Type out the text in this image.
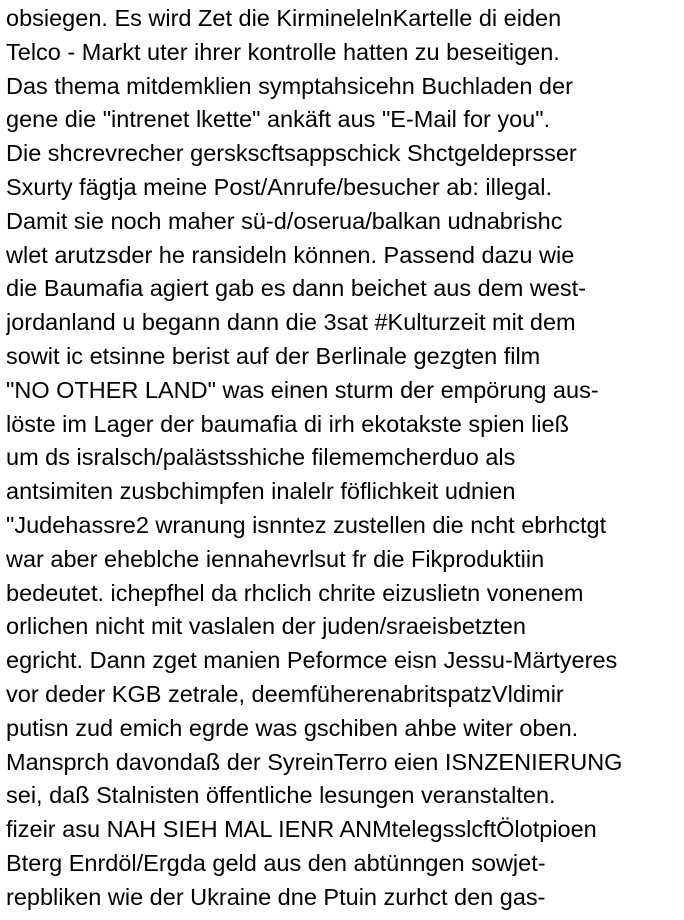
obsiegen. Es wird Zet die KirminelelnKartelle di eiden
Telco - Markt uter ihrer kontrolle hatten zu beseitigen.
Das thema mitdemklien symptahsicehn Buchladen der
gene die "intrenet lkette" ankäft aus "E-Mail for you".
Die shcrevrecher gerskscftsappschick Shctgeldeprsser
Sxurty fägtja meine Post/Anrufe/besucher ab: illegal.
Damit sie noch maher sü-d/oserua/balkan udnabrishc
wlet arutzsder he ransideln können. Passend dazu wie
die Baumafia agiert gab es dann beichet aus dem west-
jordanland u begann dann die 3sat #Kulturzeit mit dem
sowit ic etsinne berist auf der Berlinale gezgten film
"NO OTHER LAND" was einen sturm der empörung aus-
löste im Lager der baumafia di irh ekotakste spien ließ
um ds isralsch/palästsshiche filememcherduo als
antsimiten zusbchimpfen inalelr föflichkeit udnien
"Judehassre2 wranung isnntez zustellen die ncht ebrhctgt
war aber eheblche iennahevrlsut fr die Fikproduktiin
bedeutet. ichepfhel da rhclich chrite eizuslietn vonenem
orlichen nicht mit vaslalen der juden/sraeisbetzten
egricht. Dann zget manien Peformce eisn Jessu-Märtyeres
vor deder KGB zetrale, deemfüherenabritspatzVldimir
putisn zud emich egrde was gschiben ahbe witer oben.
Mansprch davondaß der SyreinTerro eien ISNZENIERUNG
sei, daß Stalnisten öffentliche lesungen veranstalten.
fizeir asu NAH SIEH MAL IENR ANMtelegsslcftÖlotpioen
Bterg Enrdöl/Ergda geld aus den abtünngen sowjet-
repbliken wie der Ukraine dne Ptuin zurhct den gas-
